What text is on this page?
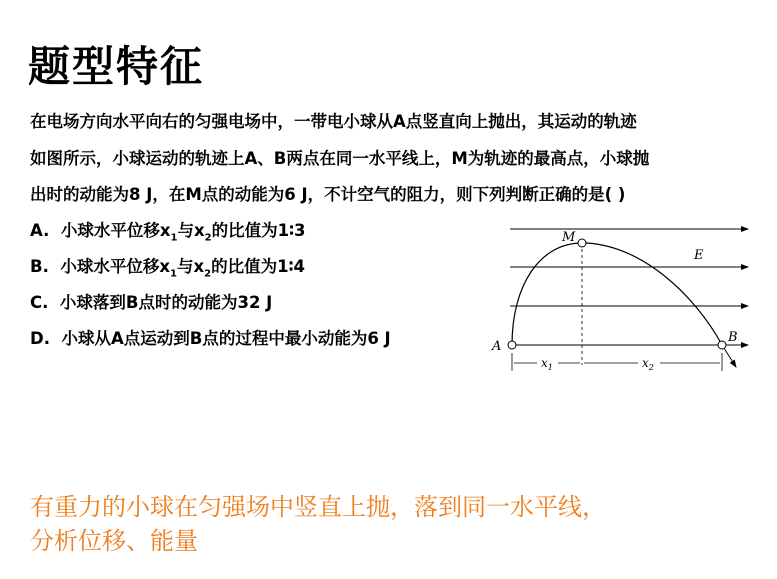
题型特征
在电场方向水平向右的匀强电场中，一带电小球从A点竖直向上抛出，其运动的轨迹
如图所示，小球运动的轨迹上A、B两点在同一水平线上，M为轨迹的最高点，小球抛
出时的动能为8 J，在M点的动能为6 J，不计空气的阻力，则下列判断正确的是( )
A. 小球水平位移$x_1$与$x_2$的比值为1∶3
B. 小球水平位移$x_1$与$x_2$的比值为1∶4
C. 小球落到B点时的动能为32 J
D. 小球从A点运动到B点的过程中最小动能为6 J
M
E
A
B
$x_1$	$x_2$
有重力的小球在匀强场中竖直上抛，落到同一水平线，
分析位移、能量
